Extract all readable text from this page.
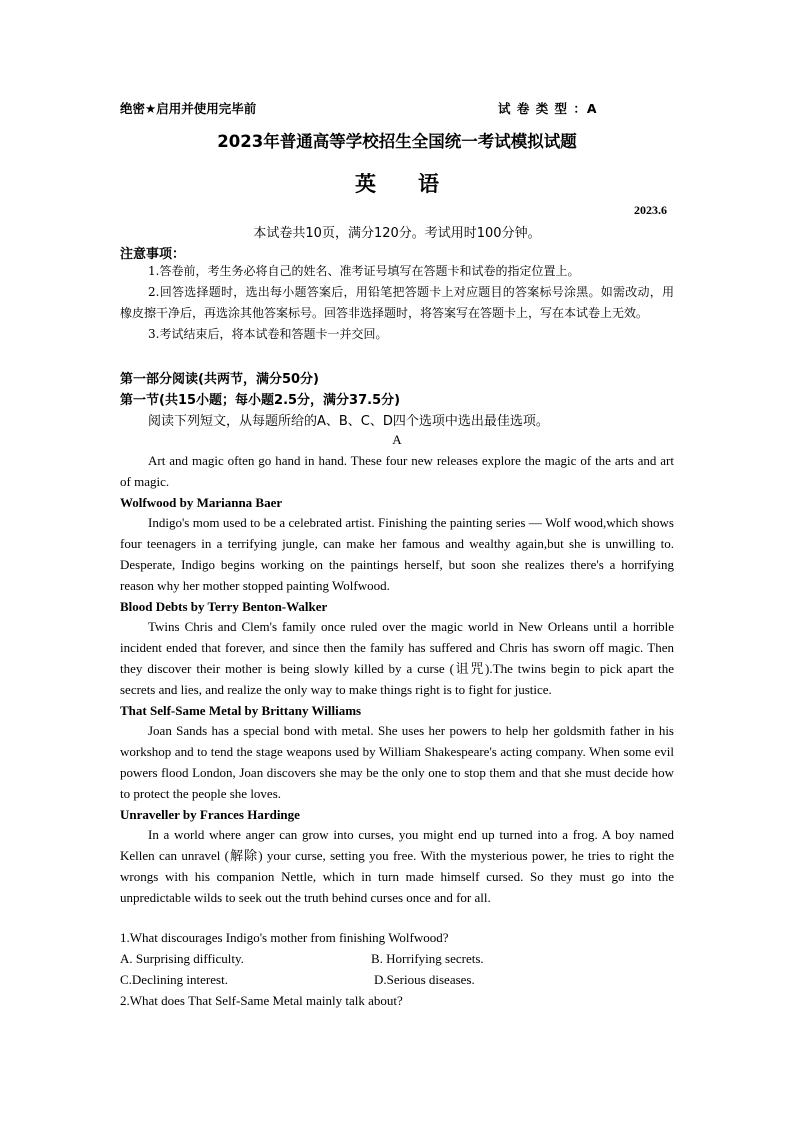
绝密★启用并使用完毕前	试 卷 类 型 ：A
2023年普通高等学校招生全国统一考试模拟试题
英　　语
2023.6
本试卷共10页，满分120分。考试用时100分钟。
注意事项：

1.答卷前，考生务必将自己的姓名、准考证号填写在答题卡和试卷的指定位置上。

2.回答选择题时，选出每小题答案后，用铅笔把答题卡上对应题目的答案标号涂黑。如需改动，用橡皮擦干净后，再选涂其他答案标号。回答非选择题时，将答案写在答题卡上，写在本试卷上无效。

3.考试结束后，将本试卷和答题卡一并交回。

第一部分阅读(共两节，满分50分)
第一节(共15小题；每小题2.5分，满分37.5分)
阅读下列短文，从每题所给的A、B、C、D四个选项中选出最佳选项。
A

Art and magic often go hand in hand. These four new releases explore the magic of the arts and art of magic.

Wolfwood by Marianna Baer

Indigo's mom used to be a celebrated artist. Finishing the painting series — Wolf wood,which shows four teenagers in a terrifying jungle, can make her famous and wealthy again,but she is unwilling to. Desperate, Indigo begins working on the paintings herself, but soon she realizes there's a horrifying reason why her mother stopped painting Wolfwood.

Blood Debts by Terry Benton-Walker

Twins Chris and Clem's family once ruled over the magic world in New Orleans until a horrible incident ended that forever, and since then the family has suffered and Chris has sworn off magic. Then they discover their mother is being slowly killed by a curse (诅咒).The twins begin to pick apart the secrets and lies, and realize the only way to make things right is to fight for justice.

That Self-Same Metal by Brittany Williams

Joan Sands has a special bond with metal. She uses her powers to help her goldsmith father in his workshop and to tend the stage weapons used by William Shakespeare's acting company. When some evil powers flood London, Joan discovers she may be the only one to stop them and that she must decide how to protect the people she loves.

Unraveller by Frances Hardinge

In a world where anger can grow into curses, you might end up turned into a frog. A boy named Kellen can unravel (解除) your curse, setting you free. With the mysterious power, he tries to right the wrongs with his companion Nettle, which in turn made himself cursed. So they must go into the unpredictable wilds to seek out the truth behind curses once and for all.

1.What discourages Indigo's mother from finishing Wolfwood?
A. Surprising difficulty.	B. Horrifying secrets.
C.Declining interest.	D.Serious diseases.
2.What does That Self-Same Metal mainly talk about?
